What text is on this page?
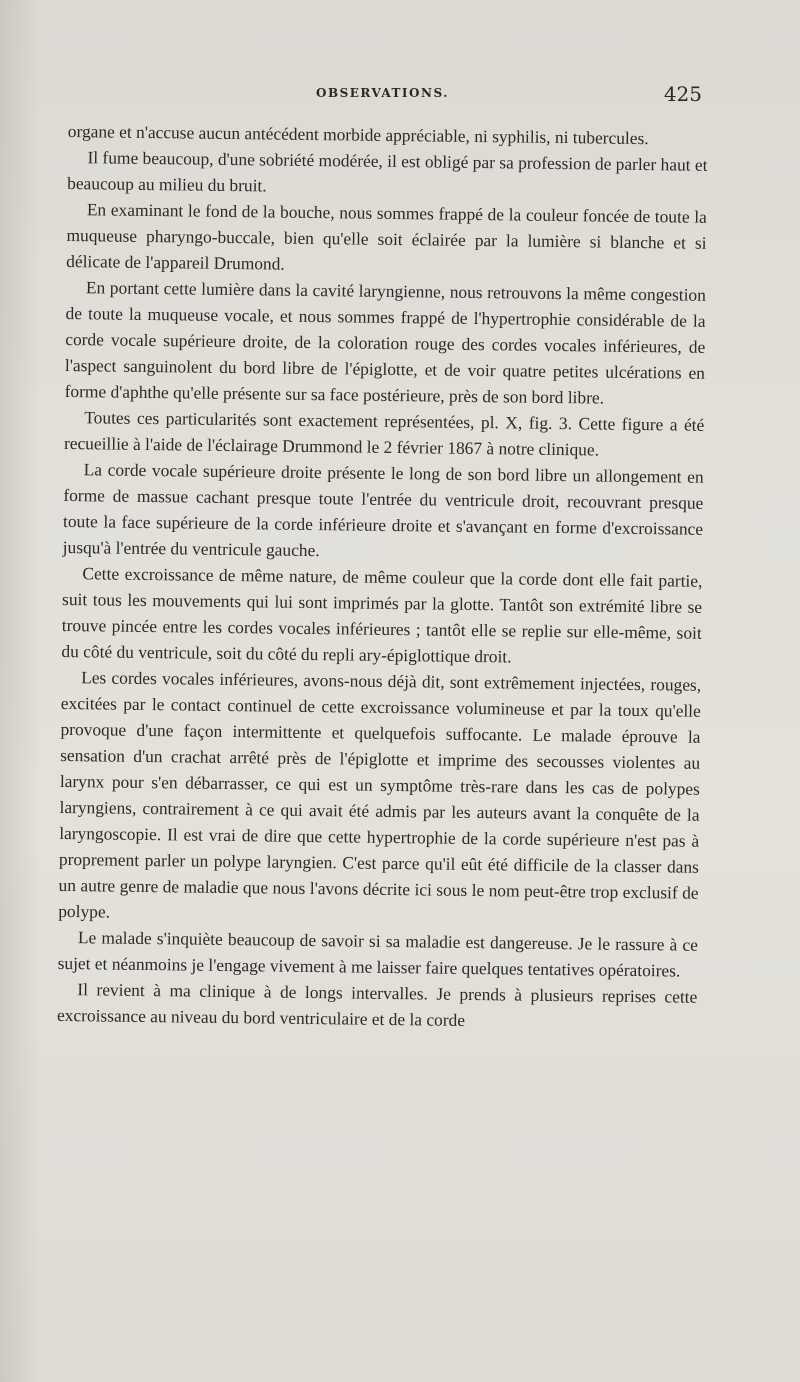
OBSERVATIONS.	425

organe et n'accuse aucun antécédent morbide appréciable, ni syphilis, ni tubercules.

Il fume beaucoup, d'une sobriété modérée, il est obligé par sa profession de parler haut et beaucoup au milieu du bruit.

En examinant le fond de la bouche, nous sommes frappé de la couleur foncée de toute la muqueuse pharyngo-buccale, bien qu'elle soit éclairée par la lumière si blanche et si délicate de l'appareil Drumond.

En portant cette lumière dans la cavité laryngienne, nous retrouvons la même congestion de toute la muqueuse vocale, et nous sommes frappé de l'hypertrophie considérable de la corde vocale supérieure droite, de la coloration rouge des cordes vocales inférieures, de l'aspect sanguinolent du bord libre de l'épiglotte, et de voir quatre petites ulcérations en forme d'aphthe qu'elle présente sur sa face postérieure, près de son bord libre.

Toutes ces particularités sont exactement représentées, pl. X, fig. 3. Cette figure a été recueillie à l'aide de l'éclairage Drummond le 2 février 1867 à notre clinique.

La corde vocale supérieure droite présente le long de son bord libre un allongement en forme de massue cachant presque toute l'entrée du ventricule droit, recouvrant presque toute la face supérieure de la corde inférieure droite et s'avançant en forme d'excroissance jusqu'à l'entrée du ventricule gauche.

Cette excroissance de même nature, de même couleur que la corde dont elle fait partie, suit tous les mouvements qui lui sont imprimés par la glotte. Tantôt son extrémité libre se trouve pincée entre les cordes vocales inférieures ; tantôt elle se replie sur elle-même, soit du côté du ventricule, soit du côté du repli ary-épiglottique droit.

Les cordes vocales inférieures, avons-nous déjà dit, sont extrêmement injectées, rouges, excitées par le contact continuel de cette excroissance volumineuse et par la toux qu'elle provoque d'une façon intermittente et quelquefois suffocante. Le malade éprouve la sensation d'un crachat arrêté près de l'épiglotte et imprime des secousses violentes au larynx pour s'en débarrasser, ce qui est un symptôme très-rare dans les cas de polypes laryngiens, contrairement à ce qui avait été admis par les auteurs avant la conquête de la laryngoscopie. Il est vrai de dire que cette hypertrophie de la corde supérieure n'est pas à proprement parler un polype laryngien. C'est parce qu'il eût été difficile de la classer dans un autre genre de maladie que nous l'avons décrite ici sous le nom peut-être trop exclusif de polype.

Le malade s'inquiète beaucoup de savoir si sa maladie est dangereuse. Je le rassure à ce sujet et néanmoins je l'engage vivement à me laisser faire quelques tentatives opératoires.

Il revient à ma clinique à de longs intervalles. Je prends à plusieurs reprises cette excroissance au niveau du bord ventriculaire et de la corde
